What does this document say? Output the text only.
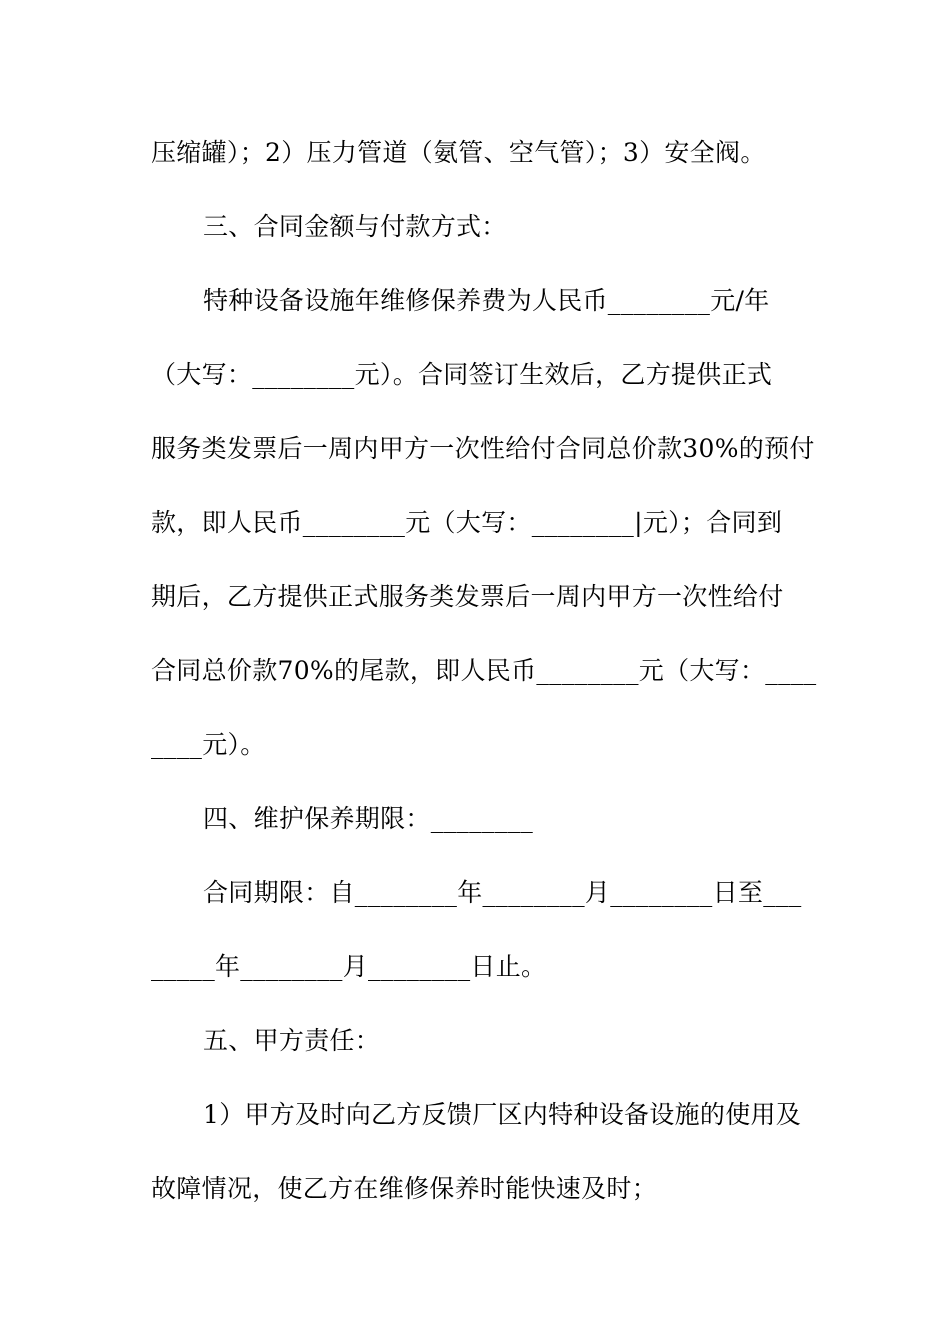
压缩罐）；2）压力管道（氨管、空气管）；3）安全阀。
三、合同金额与付款方式：
特种设备设施年维修保养费为人民币________元/年
（大写：________元）。合同签订生效后，乙方提供正式
服务类发票后一周内甲方一次性给付合同总价款30%的预付
款，即人民币________元（大写：________|元）；合同到
期后，乙方提供正式服务类发票后一周内甲方一次性给付
合同总价款70%的尾款，即人民币________元（大写：____
____元）。
四、维护保养期限：________
合同期限：自________年________月________日至___
_____年________月________日止。
五、甲方责任：
1）甲方及时向乙方反馈厂区内特种设备设施的使用及
故障情况，使乙方在维修保养时能快速及时；
